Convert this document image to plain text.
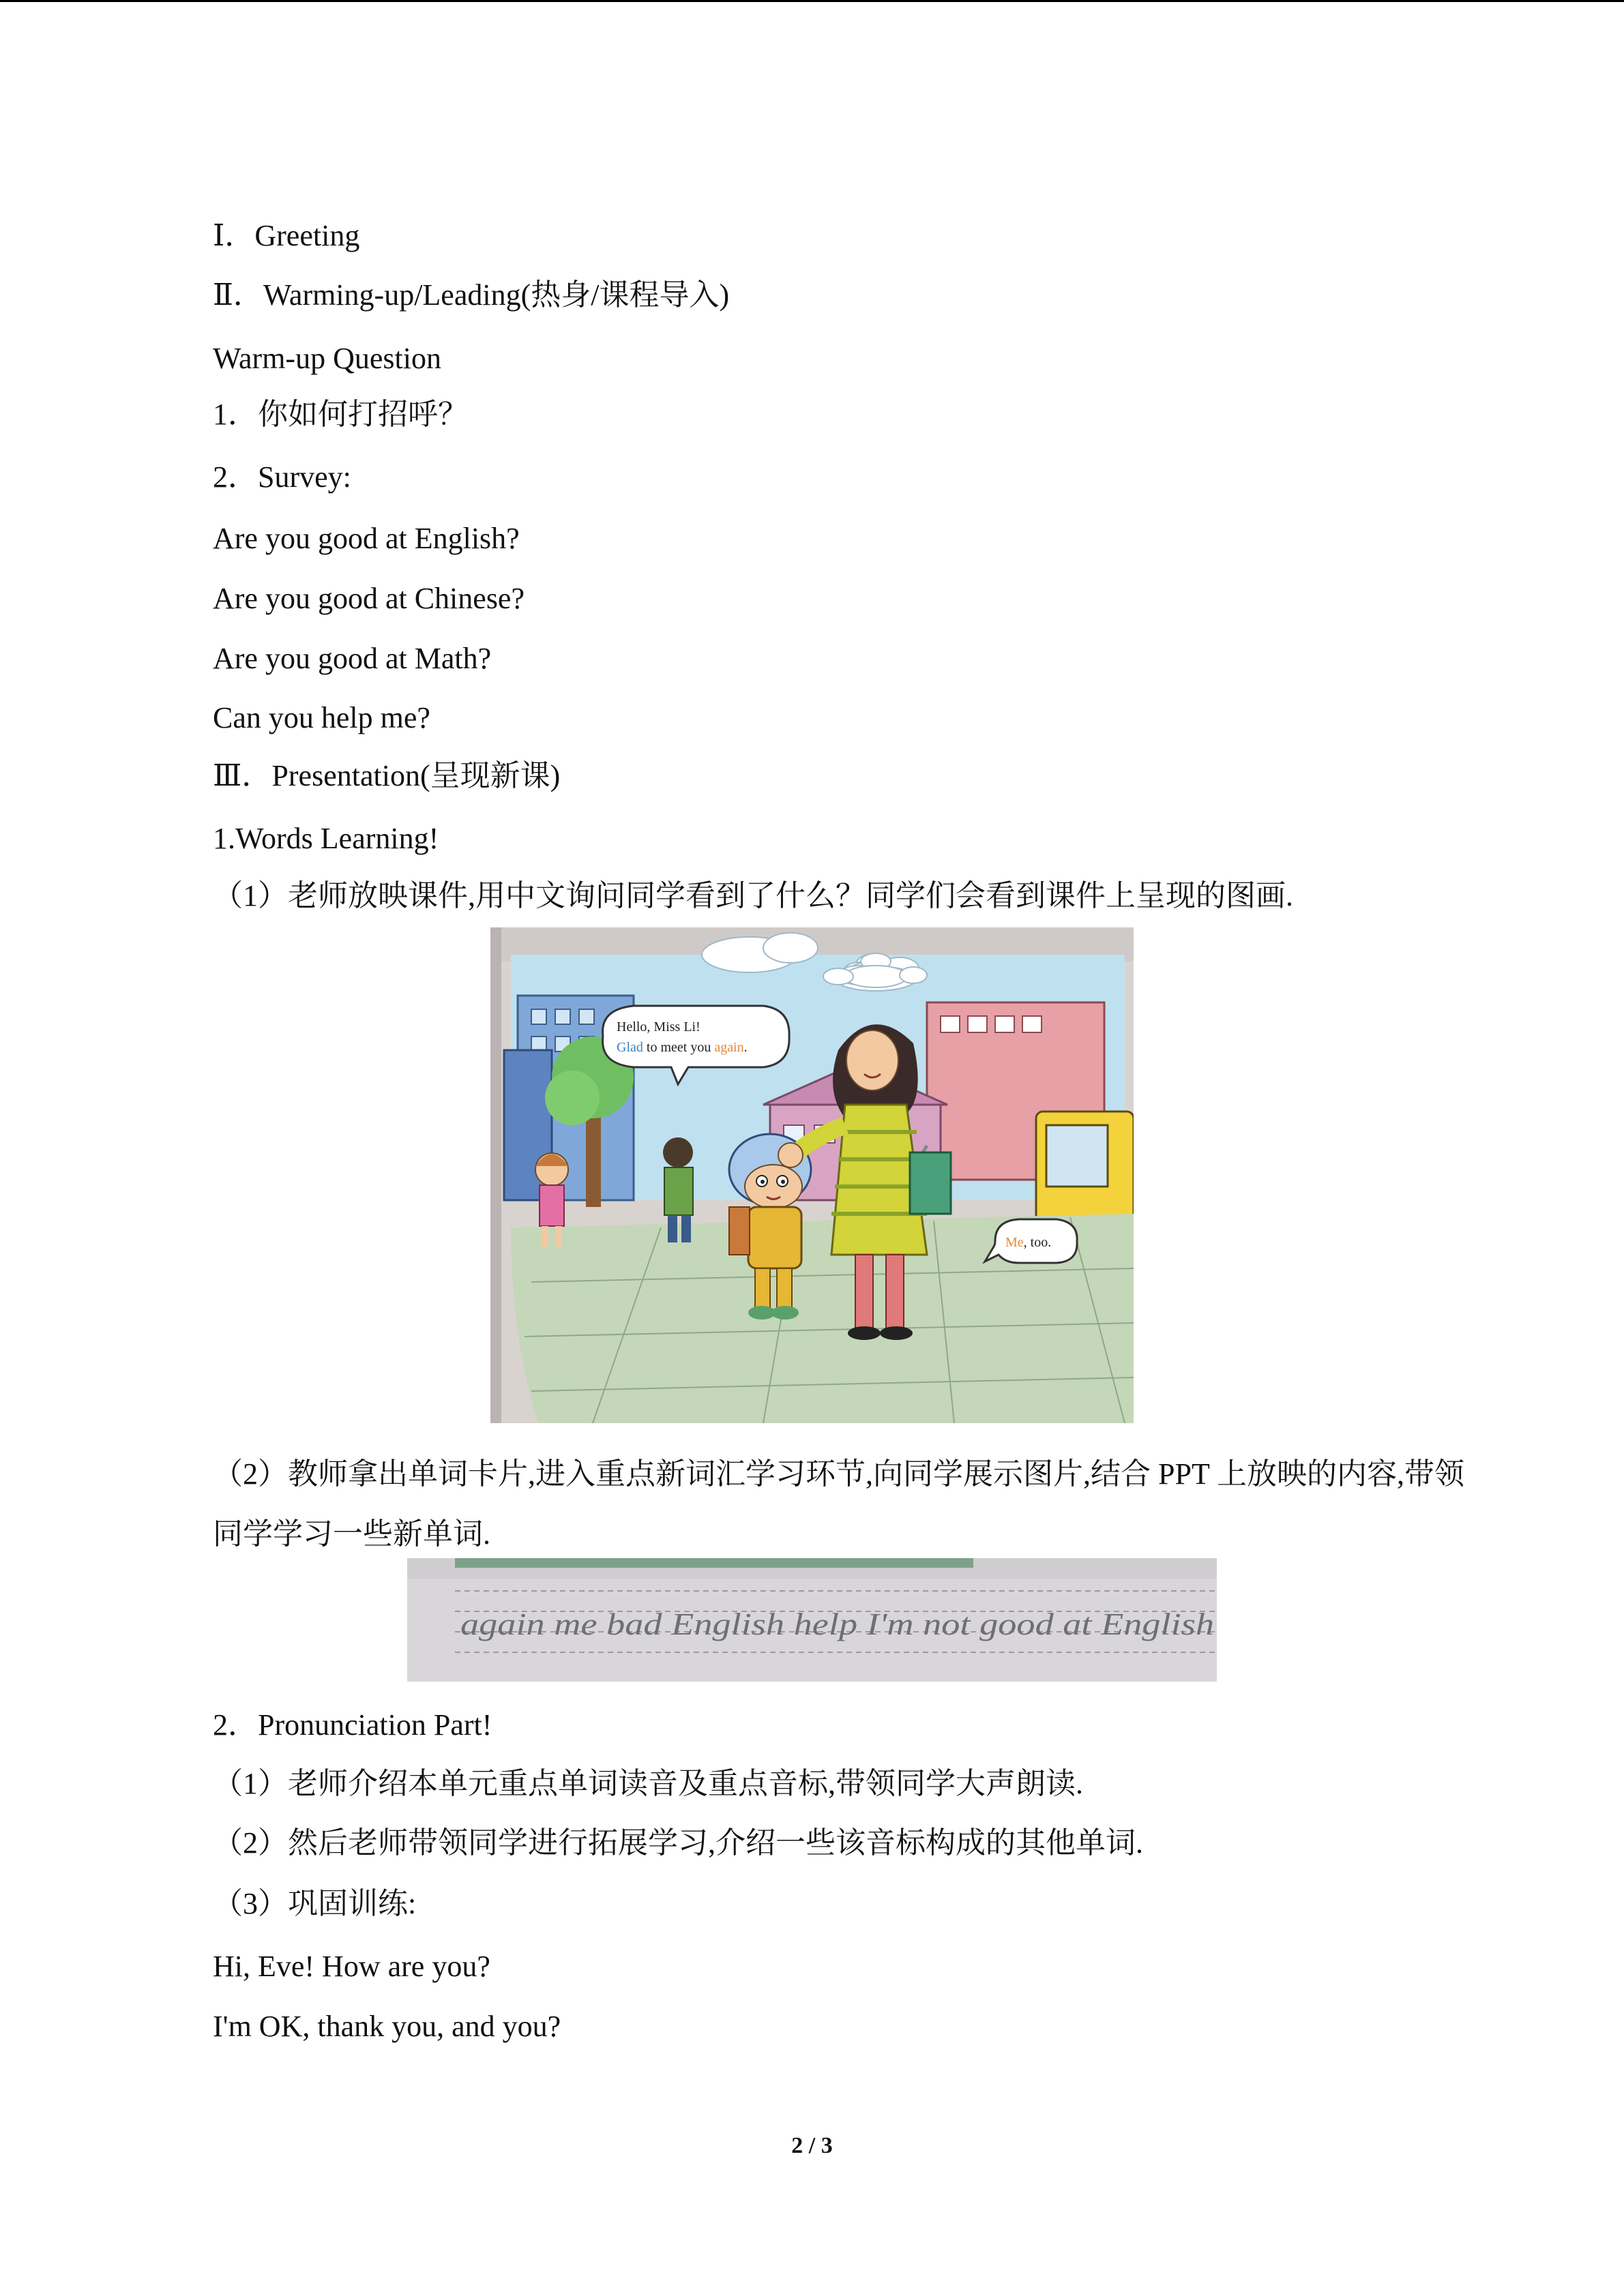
Ⅰ．Greeting
Ⅱ．Warming-up/Leading(热身/课程导入)
Warm-up Question
1．你如何打招呼？
2．Survey:
Are you good at English?
Are you good at Chinese?
Are you good at Math?
Can you help me?
Ⅲ．Presentation(呈现新课)
1.Words Learning!
（1）老师放映课件,用中文询问同学看到了什么？同学们会看到课件上呈现的图画.
Hello, Miss Li!
Glad to meet you again.
Me, too.
（2）教师拿出单词卡片,进入重点新词汇学习环节,向同学展示图片,结合 PPT 上放映的内容,带领同学学习一些新单词.
again me bad English help I'm not good at English
2．Pronunciation Part!
（1）老师介绍本单元重点单词读音及重点音标,带领同学大声朗读.
（2）然后老师带领同学进行拓展学习,介绍一些该音标构成的其他单词.
（3）巩固训练:
Hi, Eve! How are you?
I'm OK, thank you, and you?
2 / 3
